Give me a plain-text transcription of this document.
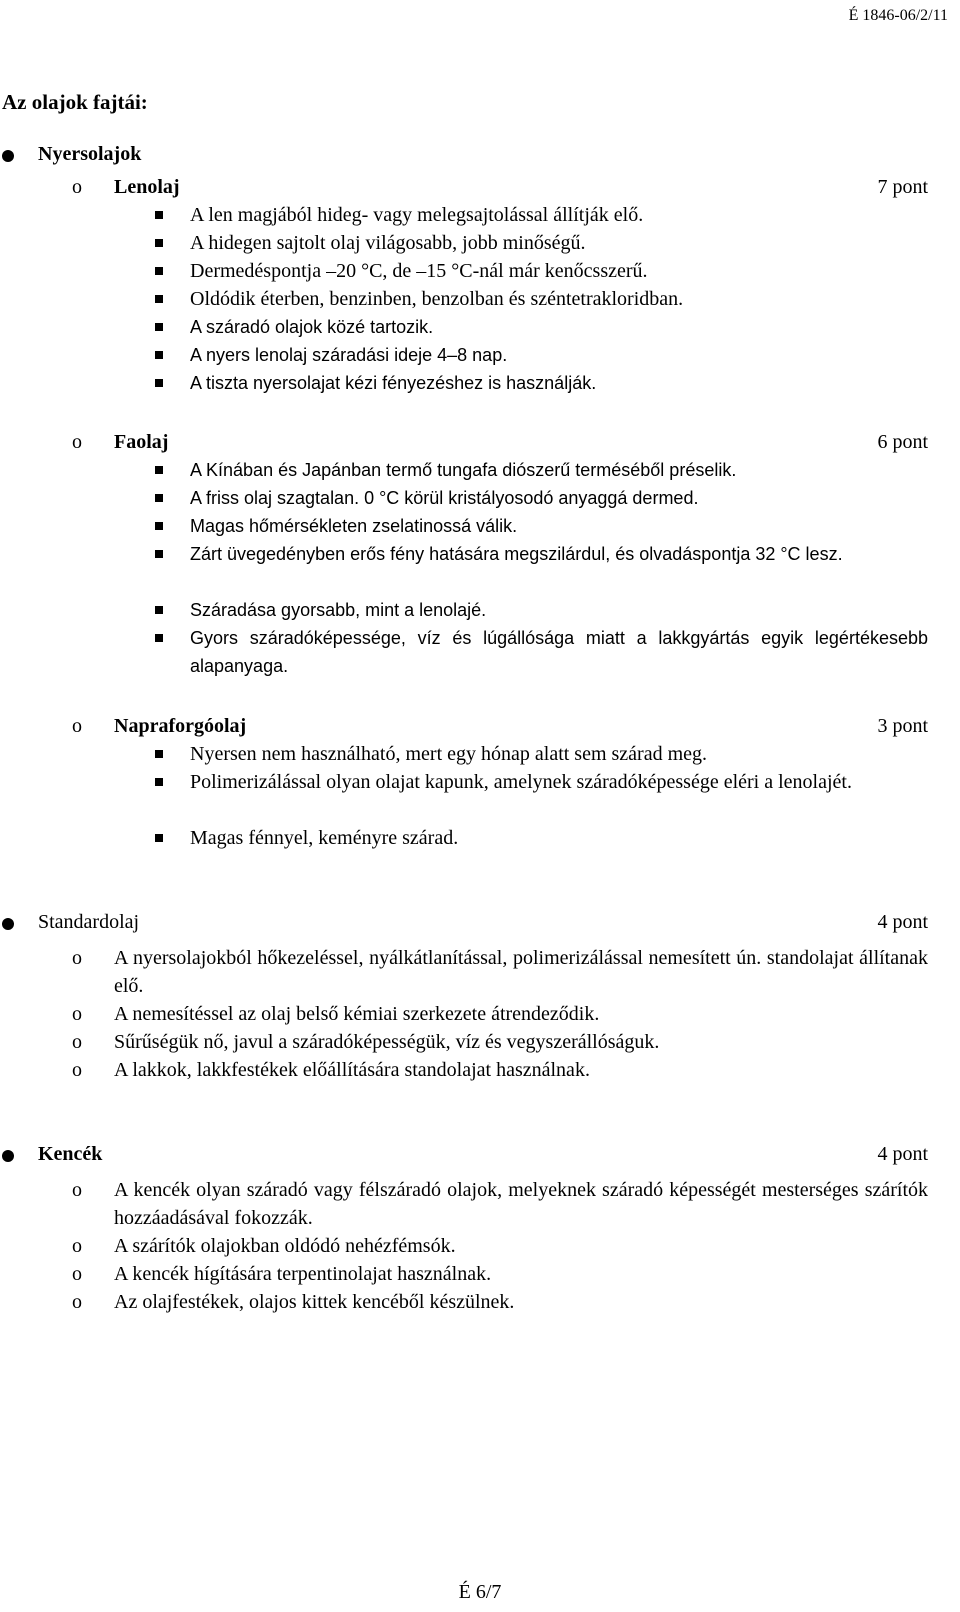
É 1846-06/2/11
Az olajok fajtái:
Nyersolajok
o Lenolaj	7 pont
A len magjából hideg- vagy melegsajtolással állítják elő.
A hidegen sajtolt olaj világosabb, jobb minőségű.
Dermedéspontja –20 °C, de –15 °C-nál már kenőcsszerű.
Oldódik éterben, benzinben, benzolban és széntetrakloridban.
A száradó olajok közé tartozik.
A nyers lenolaj száradási ideje 4–8 nap.
A tiszta nyersolajat kézi fényezéshez is használják.
o Faolaj	6 pont
A Kínában és Japánban termő tungafa diószerű terméséből préselik.
A friss olaj szagtalan. 0 °C körül kristályosodó anyaggá dermed.
Magas hőmérsékleten zselatinossá válik.
Zárt üvegedényben erős fény hatására megszilárdul, és olvadáspontja 32 °C lesz.
Száradása gyorsabb, mint a lenolajé.
Gyors száradóképessége, víz és lúgállósága miatt a lakkgyártás egyik legértékesebb alapanyaga.
o Napraforgóolaj	3 pont
Nyersen nem használható, mert egy hónap alatt sem szárad meg.
Polimerizálással olyan olajat kapunk, amelynek száradóképessége eléri a lenolajét.
Magas fénnyel, keményre szárad.
Standardolaj	4 pont
o A nyersolajokból hőkezeléssel, nyálkátlanítással, polimerizálással nemesített ún. standolajat állítanak elő.
o A nemesítéssel az olaj belső kémiai szerkezete átrendeződik.
o Sűrűségük nő, javul a száradóképességük, víz és vegyszerállóságuk.
o A lakkok, lakkfestékek előállítására standolajat használnak.
Kencék	4 pont
o A kencék olyan száradó vagy félszáradó olajok, melyeknek száradó képességét mesterséges szárítók hozzáadásával fokozzák.
o A szárítók olajokban oldódó nehézfémsók.
o A kencék hígítására terpentinolajat használnak.
o Az olajfestékek, olajos kittek kencéből készülnek.
É 6/7
